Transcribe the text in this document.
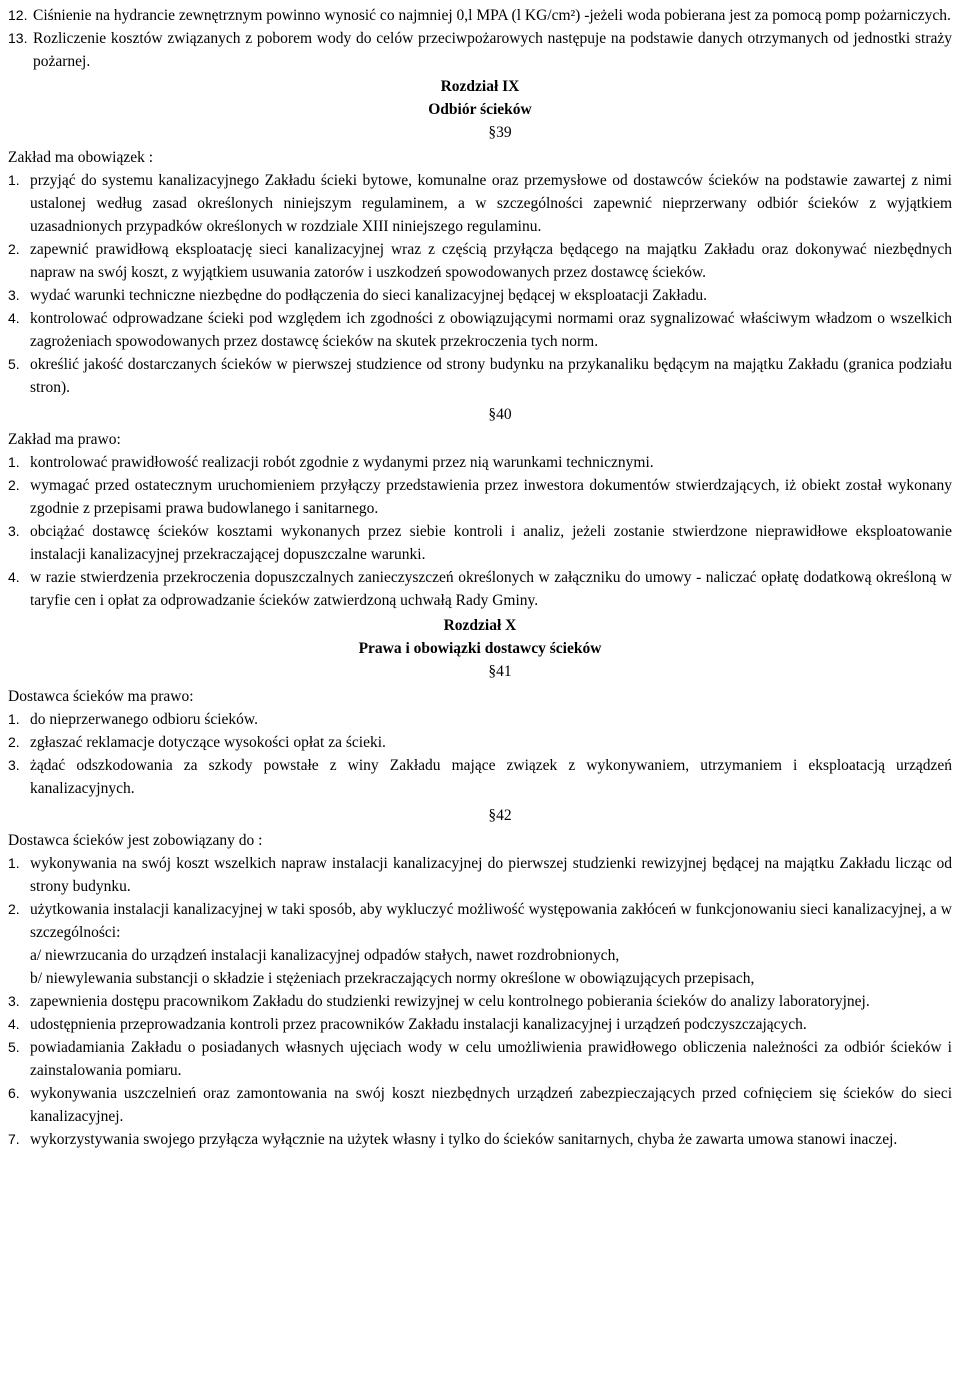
12. Ciśnienie na hydrancie zewnętrznym powinno wynosić co najmniej 0,l MPA (l KG/cm²) -jeżeli woda pobierana jest za pomocą pomp pożarniczych.
13. Rozliczenie kosztów związanych z poborem wody do celów przeciwpożarowych następuje na podstawie danych otrzymanych od jednostki straży pożarnej.
Rozdział IX
Odbiór ścieków
§39
Zakład ma obowiązek :
1. przyjąć do systemu kanalizacyjnego Zakładu ścieki bytowe, komunalne oraz przemysłowe od dostawców ścieków na podstawie zawartej z nimi ustalonej według zasad określonych niniejszym regulaminem, a w szczególności zapewnić nieprzerwany odbiór ścieków z wyjątkiem uzasadnionych przypadków określonych w rozdziale XIII niniejszego regulaminu.
2. zapewnić prawidłową eksploatację sieci kanalizacyjnej wraz z częścią przyłącza będącego na majątku Zakładu oraz dokonywać niezbędnych napraw na swój koszt, z wyjątkiem usuwania zatorów i uszkodzeń spowodowanych przez dostawcę ścieków.
3. wydać warunki techniczne niezbędne do podłączenia do sieci kanalizacyjnej będącej w eksploatacji Zakładu.
4. kontrolować odprowadzane ścieki pod względem ich zgodności z obowiązującymi normami oraz sygnalizować właściwym władzom o wszelkich zagrożeniach spowodowanych przez dostawcę ścieków na skutek przekroczenia tych norm.
5. określić jakość dostarczanych ścieków w pierwszej studzience od strony budynku na przykanaliku będącym na majątku Zakładu (granica podziału stron).
§40
Zakład ma prawo:
1. kontrolować prawidłowość realizacji robót zgodnie z wydanymi przez nią warunkami technicznymi.
2. wymagać przed ostatecznym uruchomieniem przyłączy przedstawienia przez inwestora dokumentów stwierdzających, iż obiekt został wykonany zgodnie z przepisami prawa budowlanego i sanitarnego.
3. obciążać dostawcę ścieków kosztami wykonanych przez siebie kontroli i analiz, jeżeli zostanie stwierdzone nieprawidłowe eksploatowanie instalacji kanalizacyjnej przekraczającej dopuszczalne warunki.
4. w razie stwierdzenia przekroczenia dopuszczalnych zanieczyszczeń określonych w załączniku do umowy - naliczać opłatę dodatkową określoną w taryfie cen i opłat za odprowadzanie ścieków zatwierdzoną uchwałą Rady Gminy.
Rozdział X
Prawa i obowiązki dostawcy ścieków
§41
Dostawca ścieków ma prawo:
1. do nieprzerwanego odbioru ścieków.
2. zgłaszać reklamacje dotyczące wysokości opłat za ścieki.
3. żądać odszkodowania za szkody powstałe z winy Zakładu mające związek z wykonywaniem, utrzymaniem i eksploatacją urządzeń kanalizacyjnych.
§42
Dostawca ścieków jest zobowiązany do :
1. wykonywania na swój koszt wszelkich napraw instalacji kanalizacyjnej do pierwszej studzienki rewizyjnej będącej na majątku Zakładu licząc od strony budynku.
2. użytkowania instalacji kanalizacyjnej w taki sposób, aby wykluczyć możliwość występowania zakłóceń w funkcjonowaniu sieci kanalizacyjnej, a w szczególności:
a/ niewrzucania do urządzeń instalacji kanalizacyjnej odpadów stałych, nawet rozdrobnionych,
b/ niewylewania substancji o składzie i stężeniach przekraczających normy określone w obowiązujących przepisach,
3. zapewnienia dostępu pracownikom Zakładu do studzienki rewizyjnej w celu kontrolnego pobierania ścieków do analizy laboratoryjnej.
4. udostępnienia przeprowadzania kontroli przez pracowników Zakładu instalacji kanalizacyjnej i urządzeń podczyszczających.
5. powiadamiania Zakładu o posiadanych własnych ujęciach wody w celu umożliwienia prawidłowego obliczenia należności za odbiór ścieków i zainstalowania pomiaru.
6. wykonywania uszczelnień oraz zamontowania na swój koszt niezbędnych urządzeń zabezpieczających przed cofnięciem się ścieków do sieci kanalizacyjnej.
7. wykorzystywania swojego przyłącza wyłącznie na użytek własny i tylko do ścieków sanitarnych, chyba że zawarta umowa stanowi inaczej.
